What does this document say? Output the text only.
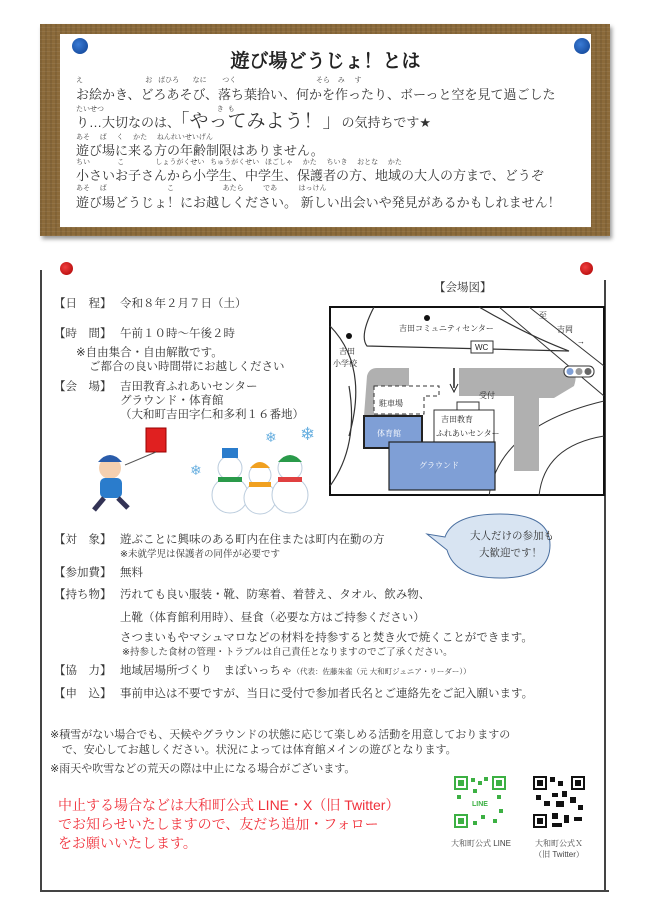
遊び場どうじょ！とは
え                                お   ばひろ       なに        つく                                         そら    み     す
お絵かき、どろあそび、落ち葉拾い、何かを作ったり、ボーっと空を見て過ごした
たいせつ                                                          き  も
り…大切なのは、「やってみよう！」の気持ちです★
あそ     ば     く     かた     ねんれいせいげん
遊び場に来る方の年齢制限はありません。
ちい              こ                しょうがくせい   ちゅうがくせい   ほごしゃ     かた     ちいき     おとな     かた
小さいお子さんから小学生、中学生、保護者の方、地域の大人の方まで、どうぞ
あそ     ば                               こ                         あたら          であ           はっけん
遊び場どうじょ！にお越しください。 新しい出会いや発見があるかもしれません！
【日　程】 令和８年２月７日（土）
【時　間】 午前１０時～午後２時
※自由集合・自由解散です。
ご都合の良い時間帯にお越しください
【会　場】 吉田教育ふれあいセンター
グラウンド・体育館
（大和町吉田字仁和多利１６番地）
❄ ❄
❄
【会場図】
吉田コミュニティセンター
WC
吉田
小学校
至
吉岡
→
駐車場
受付
吉田教育
ふれあいセンター
体育館
グラウンド
大人だけの参加も
大歓迎です！
【対　象】 遊ぶことに興味のある町内在住または町内在勤の方
※未就学児は保護者の同伴が必要です
【参加費】 無料
【持ち物】 汚れても良い服装・靴、防寒着、着替え、タオル、飲み物、
上靴（体育館利用時）、昼食（必要な方はご持参ください）
さつまいもやマシュマロなどの材料を持参すると焚き火で焼くことができます。
※持参した食材の管理・トラブルは自己責任となりますのでご了承ください。
【協　力】 地域居場所づくり　まぽいっちゃ（代表：佐藤朱雀（元 大和町ジュニア・リーダー））
【申　込】 事前申込は不要ですが、当日に受付で参加者氏名とご連絡先をご記入願います。
※積雪がない場合でも、天候やグラウンドの状態に応じて楽しめる活動を用意しておりますの
で、安心してお越しください。状況によっては体育館メインの遊びとなります。
※雨天や吹雪などの荒天の際は中止になる場合がございます。
中止する場合などは大和町公式 LINE・X（旧 Twitter）
でお知らせいたしますので、友だち追加・フォロー
をお願いいたします。
LINE
大和町公式 LINE	大和町公式Ｘ
（旧 Twitter）
